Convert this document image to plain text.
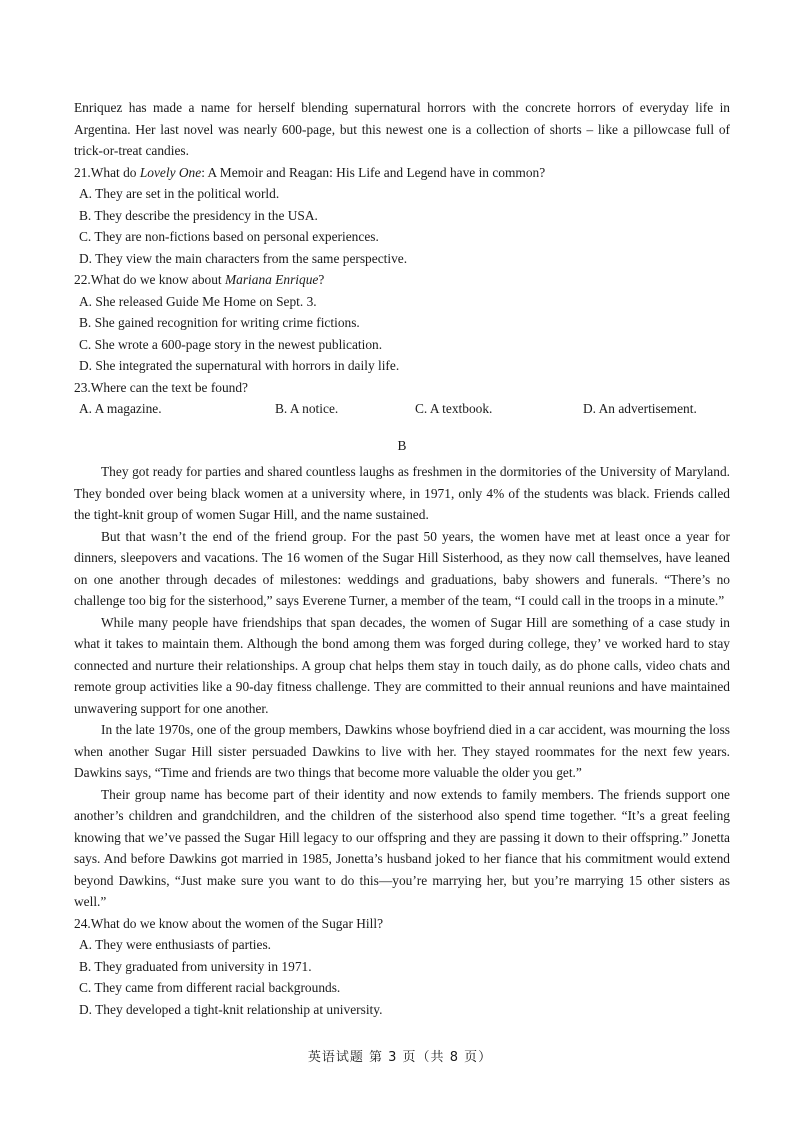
Enriquez has made a name for herself blending supernatural horrors with the concrete horrors of everyday life in Argentina. Her last novel was nearly 600-page, but this newest one is a collection of shorts – like a pillowcase full of trick-or-treat candies.

21.What do Lovely One: A Memoir and Reagan: His Life and Legend have in common?

A. They are set in the political world.

B. They describe the presidency in the USA.

C. They are non-fictions based on personal experiences.

D. They view the main characters from the same perspective.

22.What do we know about Mariana Enrique?

A. She released Guide Me Home on Sept. 3.

B. She gained recognition for writing crime fictions.

C. She wrote a 600-page story in the newest publication.

D. She integrated the supernatural with horrors in daily life.

23.Where can the text be found?

A. A magazine.	B. A notice.	C. A textbook.	D. An advertisement.

B

They got ready for parties and shared countless laughs as freshmen in the dormitories of the University of Maryland. They bonded over being black women at a university where, in 1971, only 4% of the students was black. Friends called the tight-knit group of women Sugar Hill, and the name sustained.

But that wasn’t the end of the friend group. For the past 50 years, the women have met at least once a year for dinners, sleepovers and vacations. The 16 women of the Sugar Hill Sisterhood, as they now call themselves, have leaned on one another through decades of milestones: weddings and graduations, baby showers and funerals. “There’s no challenge too big for the sisterhood,” says Everene Turner, a member of the team, “I could call in the troops in a minute.”

While many people have friendships that span decades, the women of Sugar Hill are something of a case study in what it takes to maintain them. Although the bond among them was forged during college, they’ ve worked hard to stay connected and nurture their relationships. A group chat helps them stay in touch daily, as do phone calls, video chats and remote group activities like a 90-day fitness challenge. They are committed to their annual reunions and have maintained unwavering support for one another.

In the late 1970s, one of the group members, Dawkins whose boyfriend died in a car accident, was mourning the loss when another Sugar Hill sister persuaded Dawkins to live with her. They stayed roommates for the next few years. Dawkins says, “Time and friends are two things that become more valuable the older you get.”

Their group name has become part of their identity and now extends to family members. The friends support one another’s children and grandchildren, and the children of the sisterhood also spend time together. “It’s a great feeling knowing that we’ve passed the Sugar Hill legacy to our offspring and they are passing it down to their offspring.” Jonetta says. And before Dawkins got married in 1985, Jonetta’s husband joked to her fiance that his commitment would extend beyond Dawkins, “Just make sure you want to do this—you’re marrying her, but you’re marrying 15 other sisters as well.”

24.What do we know about the women of the Sugar Hill?

A. They were enthusiasts of parties.

B. They graduated from university in 1971.

C. They came from different racial backgrounds.

D. They developed a tight-knit relationship at university.

英语试题 第 3 页（共 8 页）
